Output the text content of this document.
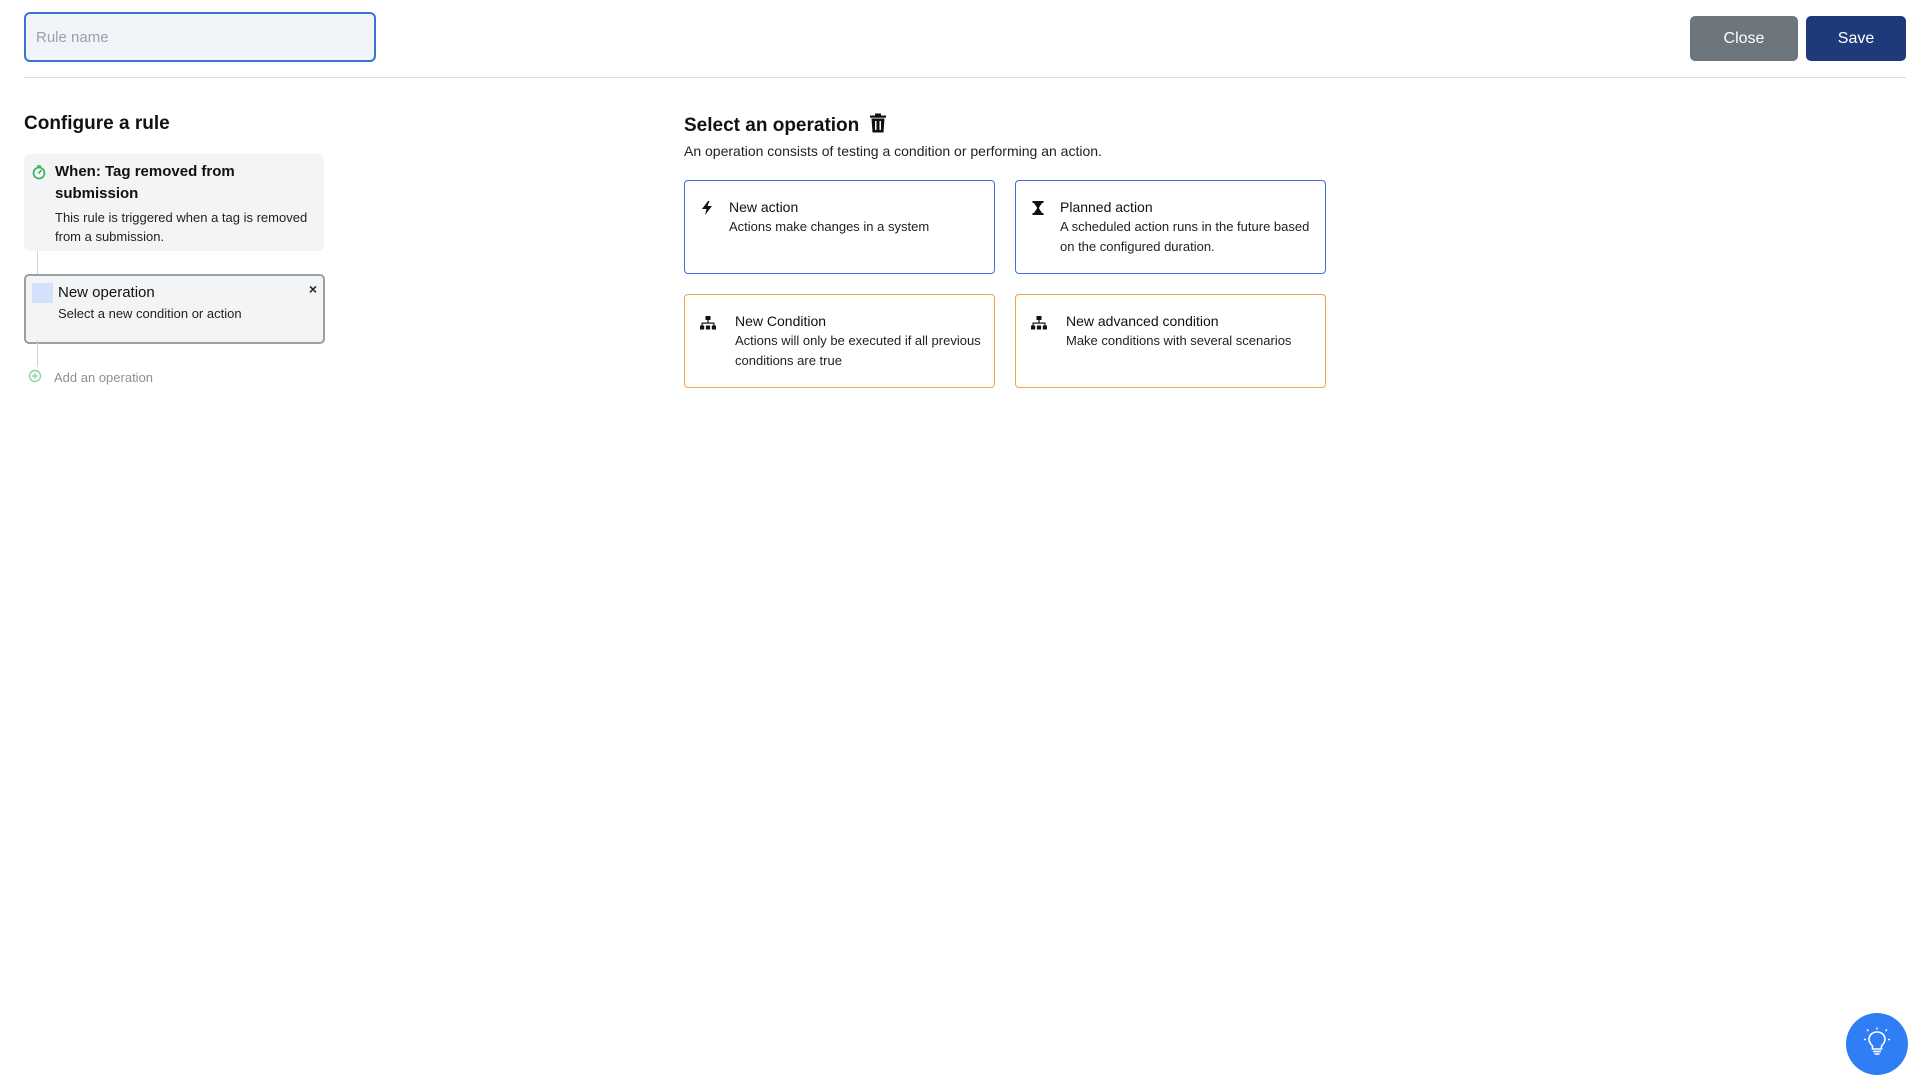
Rule name
Close	Save
Configure a rule
When: Tag removed from submission
This rule is triggered when a tag is removed from a submission.
New operation
Select a new condition or action
×
Add an operation
Select an operation
An operation consists of testing a condition or performing an action.
New action
Actions make changes in a system
Planned action
A scheduled action runs in the future based on the configured duration.
New Condition
Actions will only be executed if all previous conditions are true
New advanced condition
Make conditions with several scenarios
